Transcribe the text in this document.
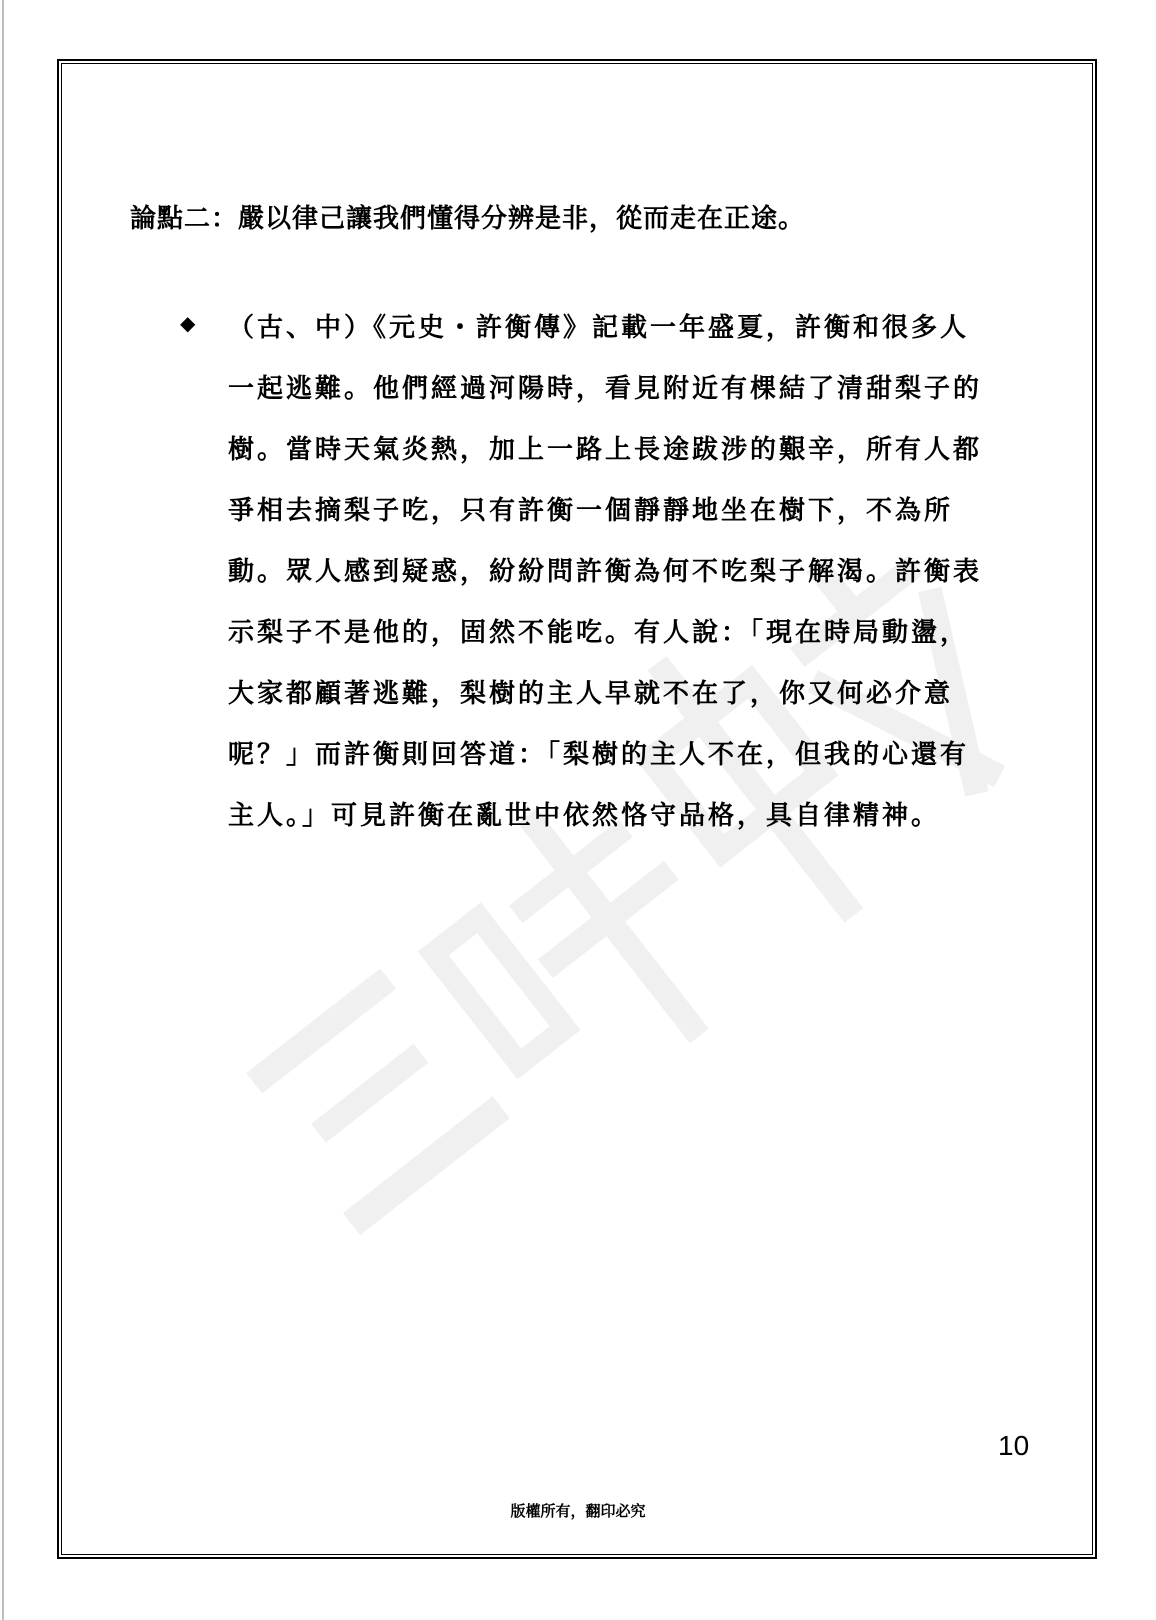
三味中文
論點二：嚴以律己讓我們懂得分辨是非，從而走在正途。
◆ （古、中）《元史・許衡傳》記載一年盛夏，許衡和很多人
一起逃難。他們經過河陽時，看見附近有棵結了清甜梨子的
樹。當時天氣炎熱，加上一路上長途跋涉的艱辛，所有人都
爭相去摘梨子吃，只有許衡一個靜靜地坐在樹下，不為所
動。眾人感到疑惑，紛紛問許衡為何不吃梨子解渴。許衡表
示梨子不是他的，固然不能吃。有人說：「現在時局動盪，
大家都顧著逃難，梨樹的主人早就不在了，你又何必介意
呢？」而許衡則回答道：「梨樹的主人不在，但我的心還有
主人。」可見許衡在亂世中依然恪守品格，具自律精神。
10
版權所有，翻印必究
